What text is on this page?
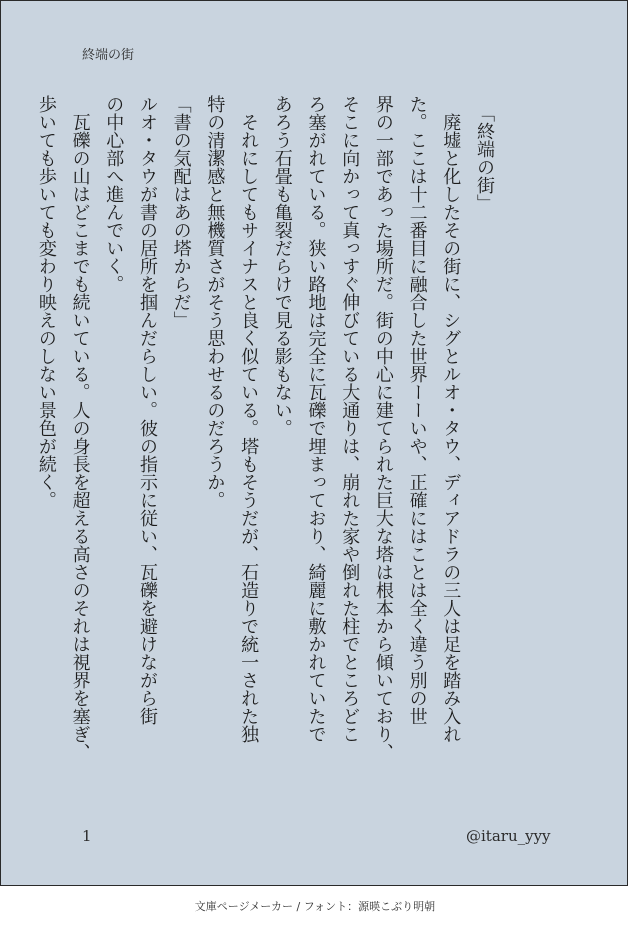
終端の街

　「終端の街」

　廃墟と化したその街に、シグとルオ・タウ、ディアドラの三人は足を踏み入れ

た。ここは十二番目に融合した世界ーーいや、正確にはことは全く違う別の世

界の一部であった場所だ。街の中心に建てられた巨大な塔は根本から傾いており、

そこに向かって真っすぐ伸びている大通りは、崩れた家や倒れた柱でところどこ

ろ塞がれている。狭い路地は完全に瓦礫で埋まっており、綺麗に敷かれていたで

あろう石畳も亀裂だらけで見る影もない。

　それにしてもサイナスと良く似ている。塔もそうだが、石造りで統一された独

特の清潔感と無機質さがそう思わせるのだろうか。

「書の気配はあの塔からだ」

ルオ・タウが書の居所を掴んだらしい。彼の指示に従い、瓦礫を避けながら街

の中心部へ進んでいく。

　瓦礫の山はどこまでも続いている。人の身長を超える高さのそれは視界を塞ぎ、

歩いても歩いても変わり映えのしない景色が続く。

1	@itaru_yyy
文庫ページメーカー / フォント：源暎こぶり明朝
